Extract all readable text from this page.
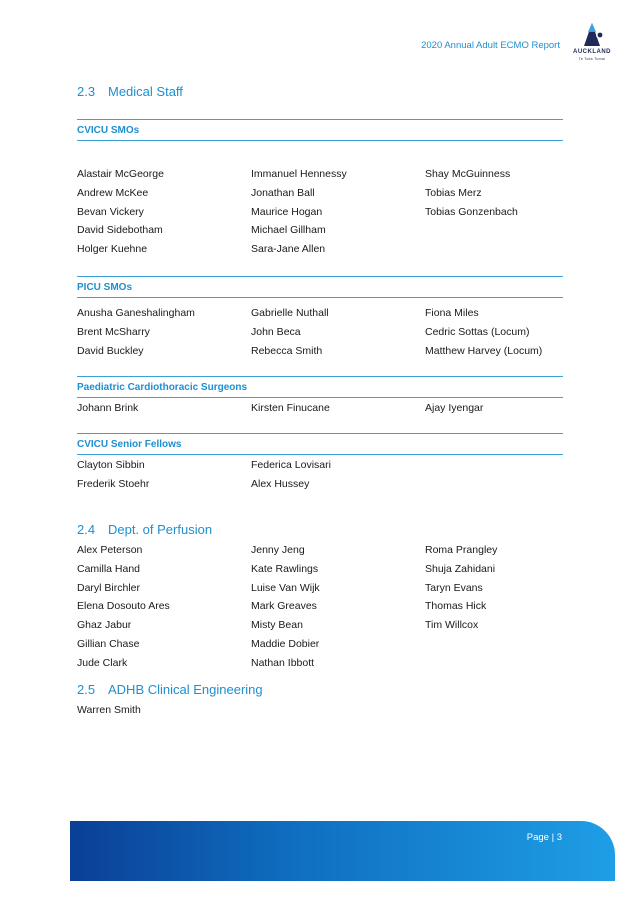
2020 Annual Adult ECMO Report
AUCKLAND
Te Toka Tumai
2.3 Medical Staff
CVICU SMOs
Alastair McGeorge	Immanuel Hennessy	Shay McGuinness
Andrew McKee	Jonathan Ball	Tobias Merz
Bevan Vickery	Maurice Hogan	Tobias Gonzenbach
David Sidebotham	Michael Gillham
Holger Kuehne	Sara-Jane Allen
PICU SMOs
Anusha Ganeshalingham	Gabrielle Nuthall	Fiona Miles
Brent McSharry	John Beca	Cedric Sottas (Locum)
David Buckley	Rebecca Smith	Matthew Harvey (Locum)
Paediatric Cardiothoracic Surgeons
Johann Brink	Kirsten Finucane	Ajay Iyengar
CVICU Senior Fellows
Clayton Sibbin	Federica Lovisari
Frederik Stoehr	Alex Hussey
2.4 Dept. of Perfusion
Alex Peterson	Jenny Jeng	Roma Prangley
Camilla Hand	Kate Rawlings	Shuja Zahidani
Daryl Birchler	Luise Van Wijk	Taryn Evans
Elena Dosouto Ares	Mark Greaves	Thomas Hick
Ghaz Jabur	Misty Bean	Tim Willcox
Gillian Chase	Maddie Dobier
Jude Clark	Nathan Ibbott
2.5 ADHB Clinical Engineering
Warren Smith
Page | 3
